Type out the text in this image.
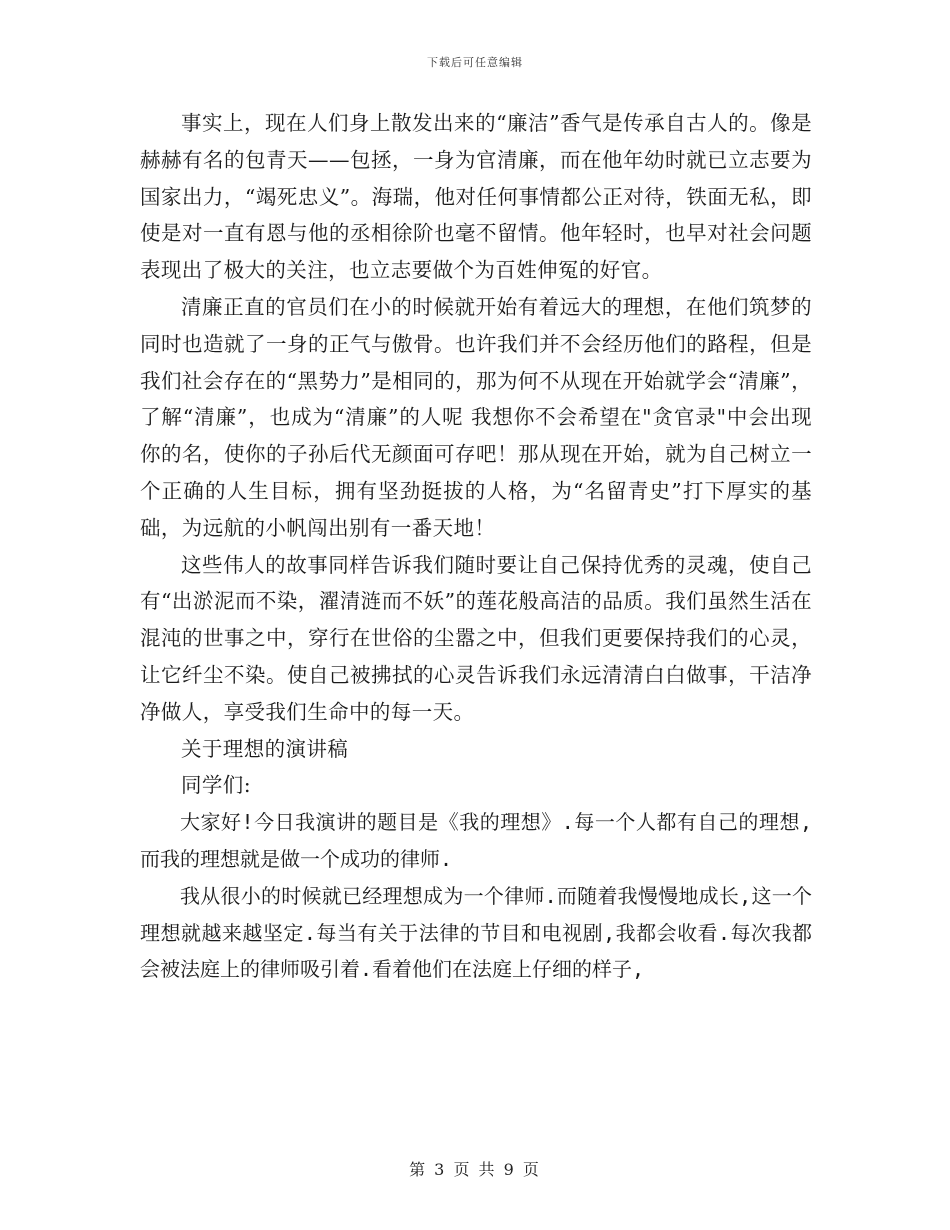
下载后可任意编辑

事实上，现在人们身上散发出来的“廉洁”香气是传承自古人的。像是赫赫有名的包青天——包拯，一身为官清廉，而在他年幼时就已立志要为国家出力，“竭死忠义”。海瑞，他对任何事情都公正对待，铁面无私，即使是对一直有恩与他的丞相徐阶也毫不留情。他年轻时，也早对社会问题表现出了极大的关注，也立志要做个为百姓伸冤的好官。

清廉正直的官员们在小的时候就开始有着远大的理想，在他们筑梦的同时也造就了一身的正气与傲骨。也许我们并不会经历他们的路程，但是我们社会存在的“黑势力”是相同的，那为何不从现在开始就学会“清廉”，了解“清廉”，也成为“清廉”的人呢 我想你不会希望在"贪官录"中会出现你的名，使你的子孙后代无颜面可存吧！那从现在开始，就为自己树立一个正确的人生目标，拥有坚劲挺拔的人格，为“名留青史”打下厚实的基础，为远航的小帆闯出别有一番天地！

这些伟人的故事同样告诉我们随时要让自己保持优秀的灵魂，使自己有“出淤泥而不染，濯清涟而不妖”的莲花般高洁的品质。我们虽然生活在混沌的世事之中，穿行在世俗的尘嚣之中，但我们更要保持我们的心灵，让它纤尘不染。使自己被拂拭的心灵告诉我们永远清清白白做事，干洁净净做人，享受我们生命中的每一天。

关于理想的演讲稿

同学们:

大家好!今日我演讲的题目是《我的理想》.每一个人都有自己的理想,而我的理想就是做一个成功的律师.

我从很小的时候就已经理想成为一个律师.而随着我慢慢地成长,这一个理想就越来越坚定.每当有关于法律的节目和电视剧,我都会收看.每次我都会被法庭上的律师吸引着.看着他们在法庭上仔细的样子,

第 3 页 共 9 页
